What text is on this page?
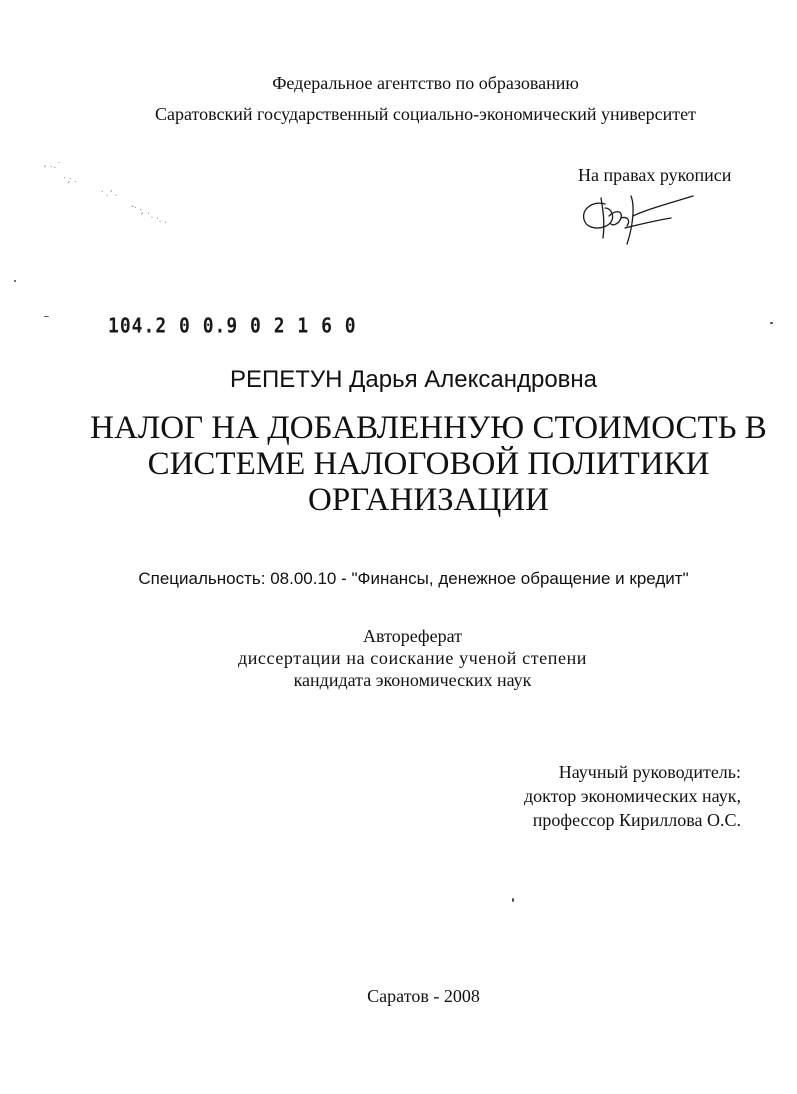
Федеральное агентство по образованию
Саратовский государственный социально-экономический университет
ʼ ·. ·
· ; ·
· .ʼ ·
-· ·, ·
· ·. .
На правах рукописи
104.2 0 0.9 0 2 1 6 0
РЕПЕТУН Дарья Александровна
НАЛОГ НА ДОБАВЛЕННУЮ СТОИМОСТЬ В
СИСТЕМЕ НАЛОГОВОЙ ПОЛИТИКИ
ОРГАНИЗАЦИИ
Специальность: 08.00.10 - "Финансы, денежное обращение и кредит"
Автореферат
диссертации на соискание ученой степени
кандидата экономических наук
Научный руководитель:
доктор экономических наук,
профессор Кириллова О.С.
Саратов - 2008
